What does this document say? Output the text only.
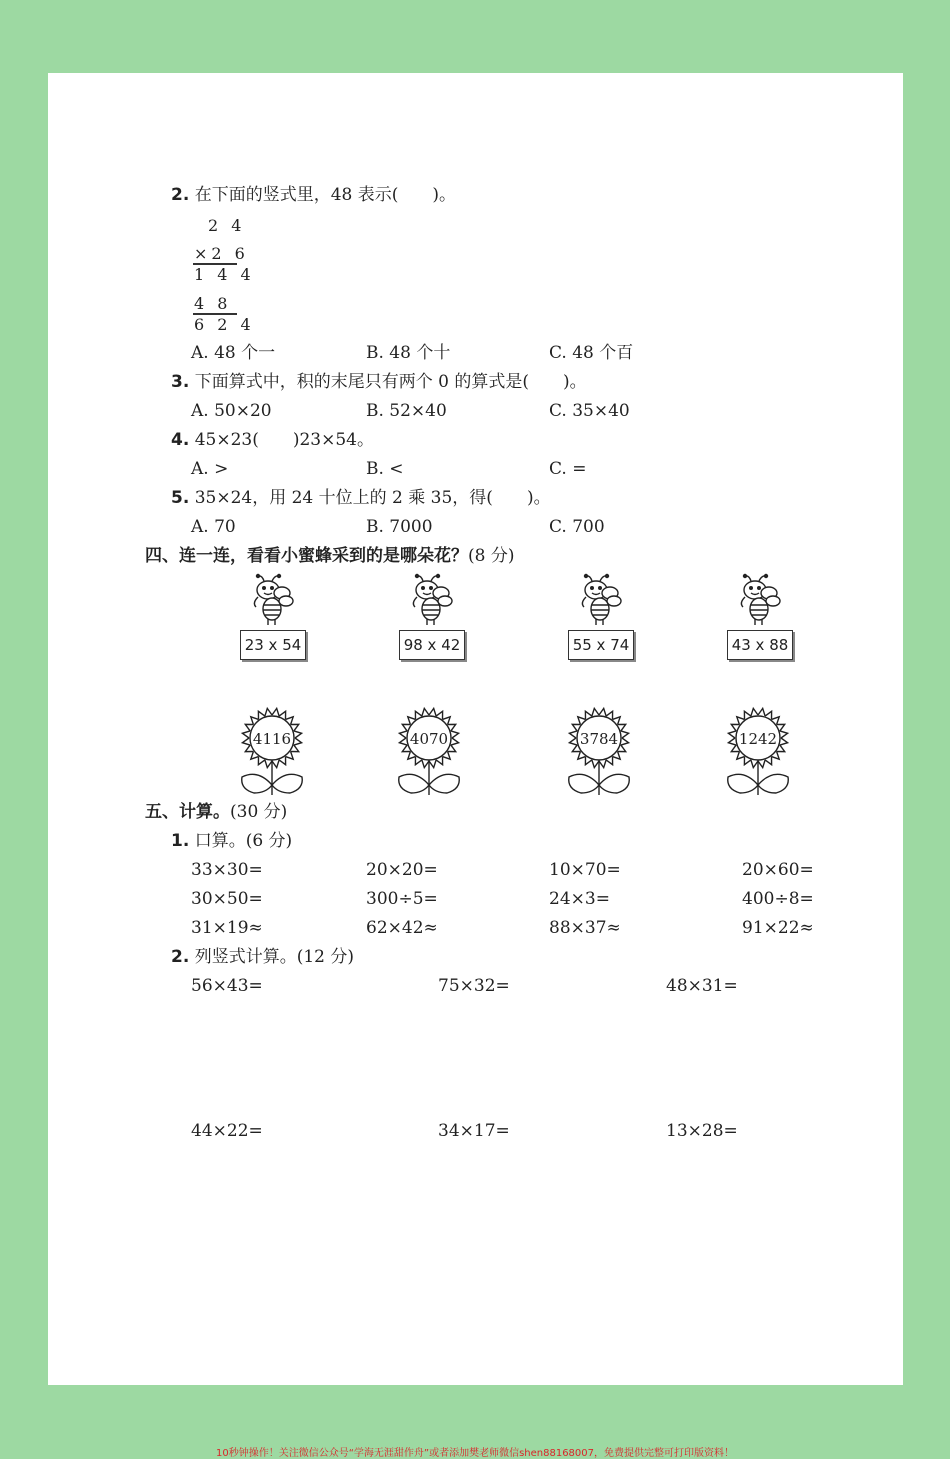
2. 在下面的竖式里，48 表示(　　)。
2 4
×2 6
1 4 4
4 8
6 2 4
A. 48 个一	B. 48 个十	C. 48 个百
3. 下面算式中，积的末尾只有两个 0 的算式是(　　)。
A. 50×20	B. 52×40	C. 35×40
4. 45×23(　　)23×54。
A. >	B. <	C. =
5. 35×24，用 24 十位上的 2 乘 35，得(　　)。
A. 70	B. 7000	C. 700
四、连一连，看看小蜜蜂采到的是哪朵花？(8 分)
23 x 54	98 x 42	55 x 74	43 x 88
4116	4070	3784	1242
五、计算。(30 分)
1. 口算。(6 分)
33×30=	20×20=	10×70=	20×60=
30×50=	300÷5=	24×3=	400÷8=
31×19≈	62×42≈	88×37≈	91×22≈
2. 列竖式计算。(12 分)
56×43=	75×32=	48×31=
44×22=	34×17=	13×28=
10秒钟操作！关注微信公众号“学海无涯甜作舟”或者添加樊老师微信shen88168007，免费提供完整可打印版资料！
